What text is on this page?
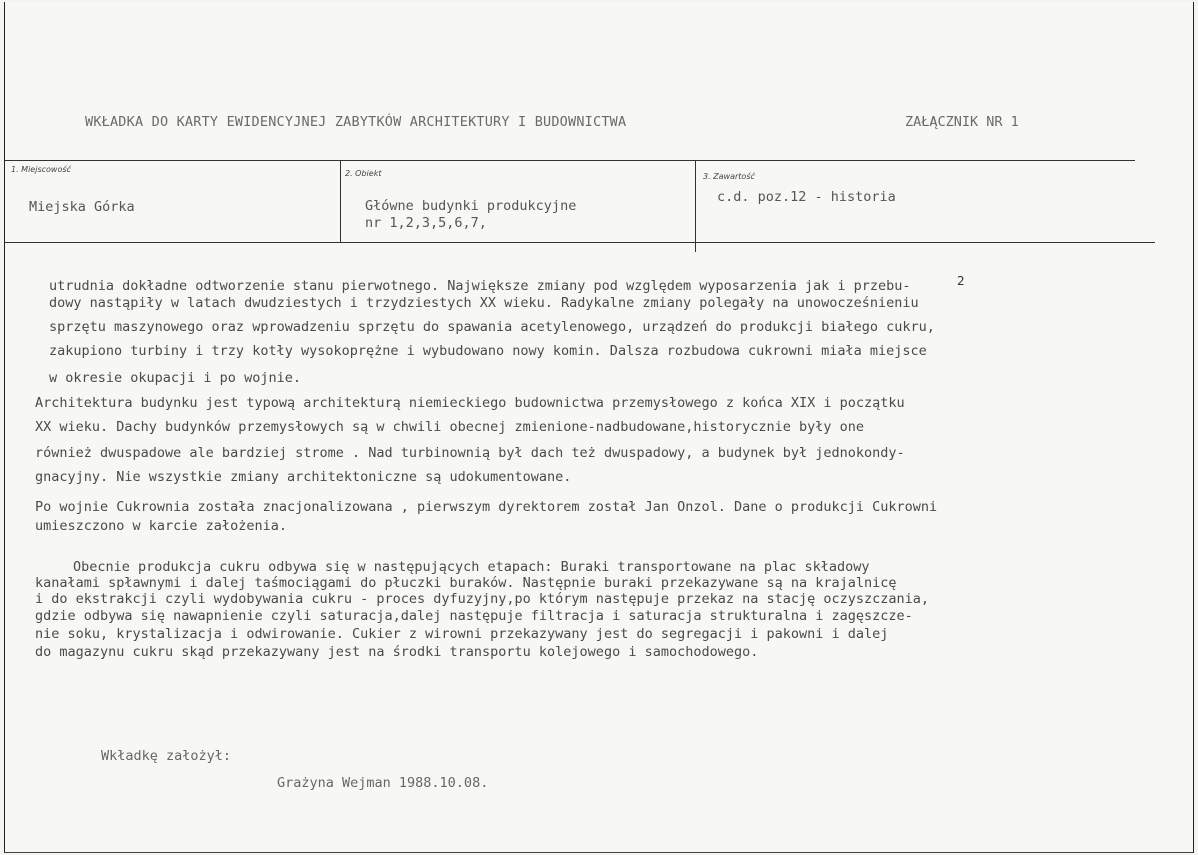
WKŁADKA DO KARTY EWIDENCYJNEJ ZABYTKÓW ARCHITEKTURY I BUDOWNICTWA	ZAŁĄCZNIK NR 1
1. Miejscowość
Miejska Górka
2. Obiekt
Główne budynki produkcyjne
nr 1,2,3,5,6,7,
3. Zawartość
c.d. poz.12 - historia
2
utrudnia dokładne odtworzenie stanu pierwotnego. Największe zmiany pod względem wyposarzenia jak i przebu-
dowy nastąpiły w latach dwudziestych i trzydziestych XX wieku. Radykalne zmiany polegały na unowocześnieniu
sprzętu maszynowego oraz wprowadzeniu sprzętu do spawania acetylenowego, urządzeń do produkcji białego cukru,
zakupiono turbiny i trzy kotły wysokoprężne i wybudowano nowy komin. Dalsza rozbudowa cukrowni miała miejsce
w okresie okupacji i po wojnie.
Architektura budynku jest typową architekturą niemieckiego budownictwa przemysłowego z końca XIX i początku
XX wieku. Dachy budynków przemysłowych są w chwili obecnej zmienione-nadbudowane,historycznie były one
również dwuspadowe ale bardziej strome . Nad turbinownią był dach też dwuspadowy, a budynek był jednokondy-
gnacyjny. Nie wszystkie zmiany architektoniczne są udokumentowane.
Po wojnie Cukrownia została znacjonalizowana , pierwszym dyrektorem został Jan Onzol. Dane o produkcji Cukrowni
umieszczono w karcie założenia.
Obecnie produkcja cukru odbywa się w następujących etapach: Buraki transportowane na plac składowy
kanałami spławnymi i dalej taśmociągami do płuczki buraków. Następnie buraki przekazywane są na krajalnicę
i do ekstrakcji czyli wydobywania cukru - proces dyfuzyjny,po którym następuje przekaz na stację oczyszczania,
gdzie odbywa się nawapnienie czyli saturacja,dalej następuje filtracja i saturacja strukturalna i zagęszcze-
nie soku, krystalizacja i odwirowanie. Cukier z wirowni przekazywany jest do segregacji i pakowni i dalej
do magazynu cukru skąd przekazywany jest na środki transportu kolejowego i samochodowego.
Wkładkę założył:
Grażyna Wejman 1988.10.08.
